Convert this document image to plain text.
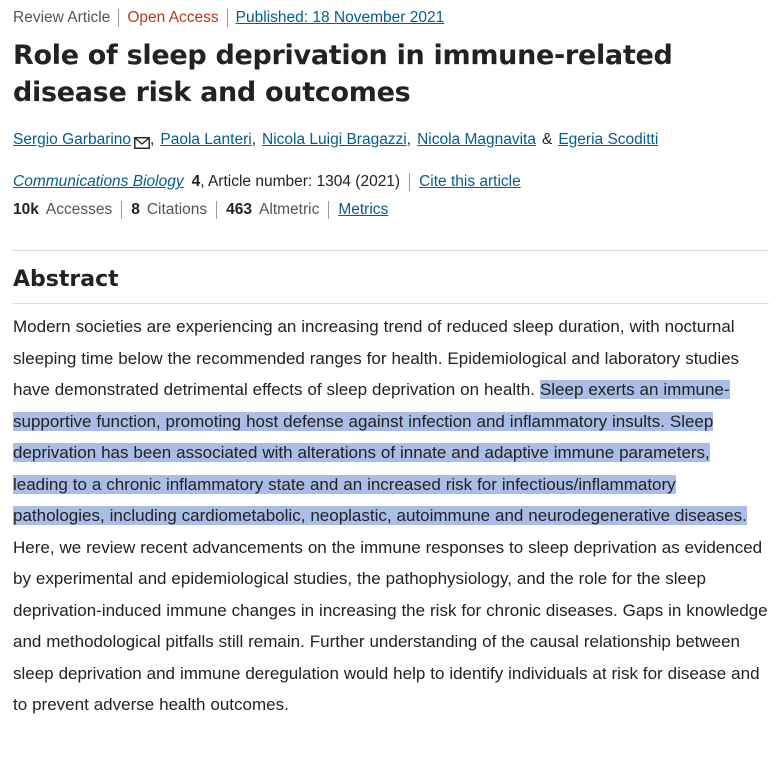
Review Article Open Access Published: 18 November 2021
Role of sleep deprivation in immune-related disease risk and outcomes
Sergio Garbarino , Paola Lanteri , Nicola Luigi Bragazzi , Nicola Magnavita & Egeria Scoditti
Communications Biology 4 , Article number: 1304 (2021) Cite this article
10k Accesses 8 Citations 463 Altmetric Metrics
Abstract

Modern societies are experiencing an increasing trend of reduced sleep duration, with nocturnal sleeping time below the recommended ranges for health. Epidemiological and laboratory studies have demonstrated detrimental effects of sleep deprivation on health. Sleep exerts an immune-supportive function, promoting host defense against infection and inflammatory insults. Sleep deprivation has been associated with alterations of innate and adaptive immune parameters, leading to a chronic inflammatory state and an increased risk for infectious/inflammatory pathologies, including cardiometabolic, neoplastic, autoimmune and neurodegenerative diseases. Here, we review recent advancements on the immune responses to sleep deprivation as evidenced by experimental and epidemiological studies, the pathophysiology, and the role for the sleep deprivation-induced immune changes in increasing the risk for chronic diseases. Gaps in knowledge and methodological pitfalls still remain. Further understanding of the causal relationship between sleep deprivation and immune deregulation would help to identify individuals at risk for disease and to prevent adverse health outcomes.
